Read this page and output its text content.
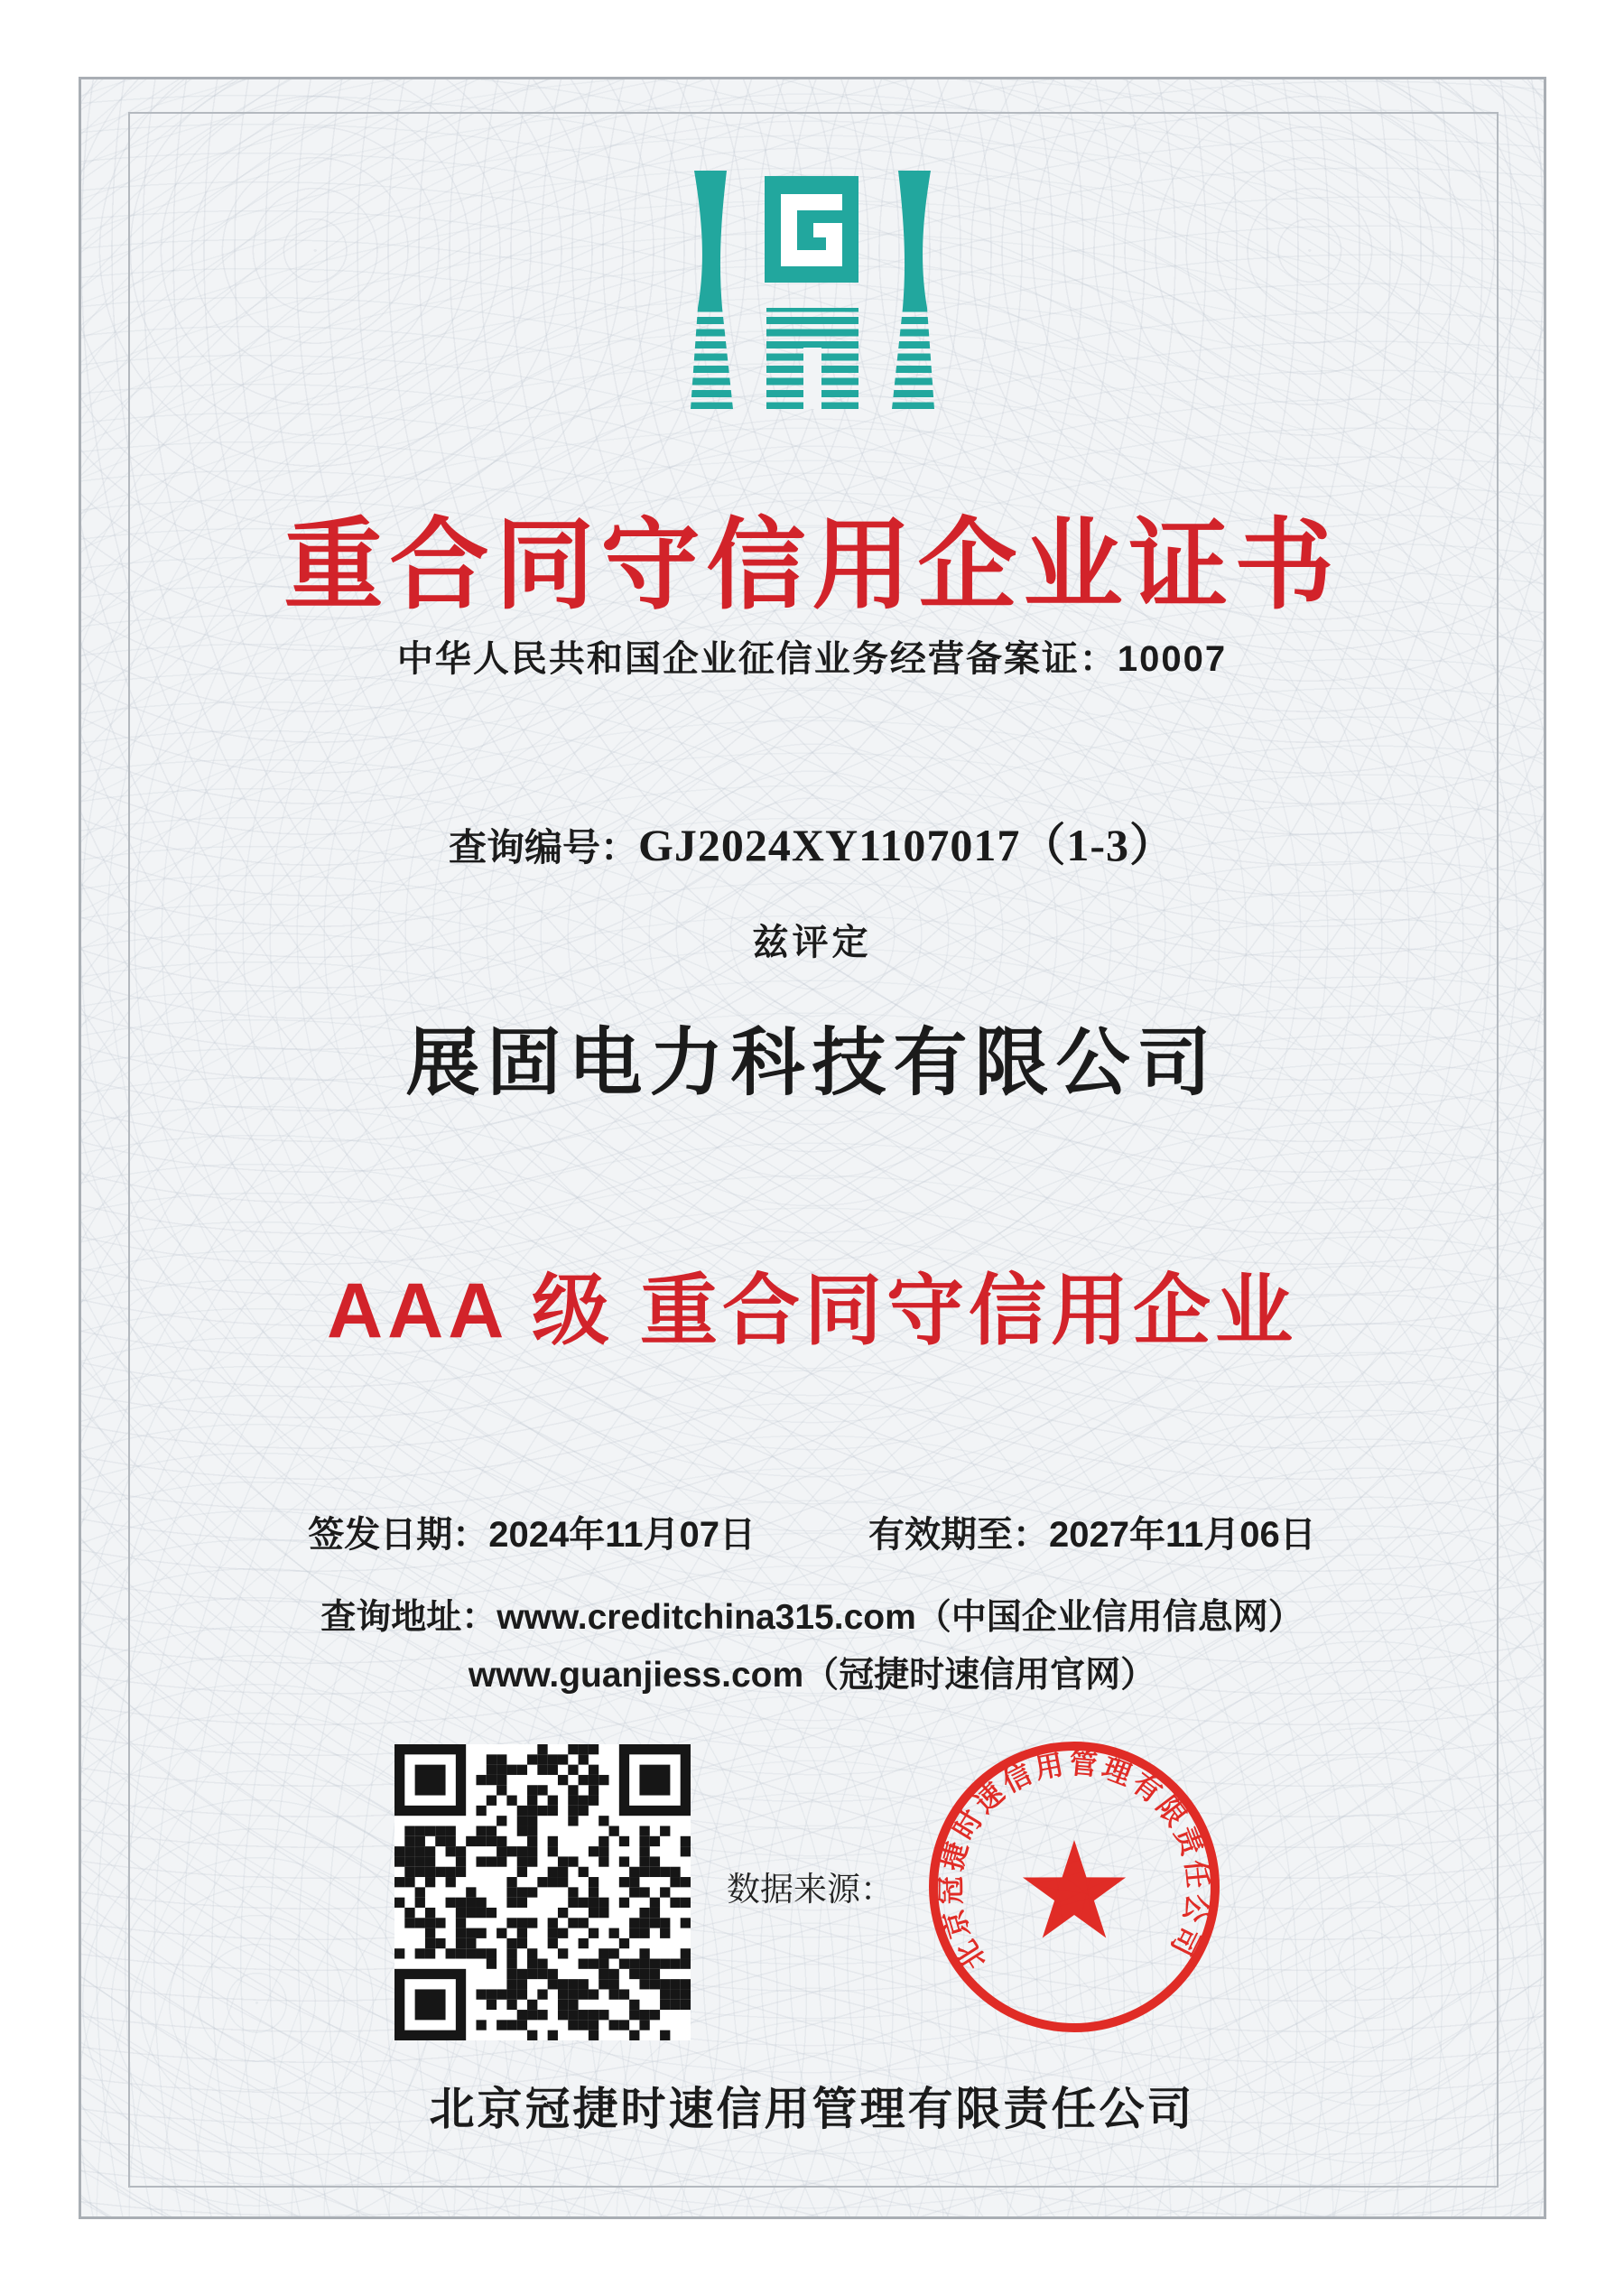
重合同守信用企业证书
中华人民共和国企业征信业务经营备案证：10007
查询编号：GJ2024XY1107017（1-3）
兹评定
展固电力科技有限公司
AAA 级 重合同守信用企业
签发日期：2024年11月07日	有效期至：2027年11月06日
查询地址：www.creditchina315.com（中国企业信用信息网）
www.guanjiess.com（冠捷时速信用官网）
数据来源：
北京冠捷时速信用管理有限责任公司
北京冠捷时速信用管理有限责任公司
